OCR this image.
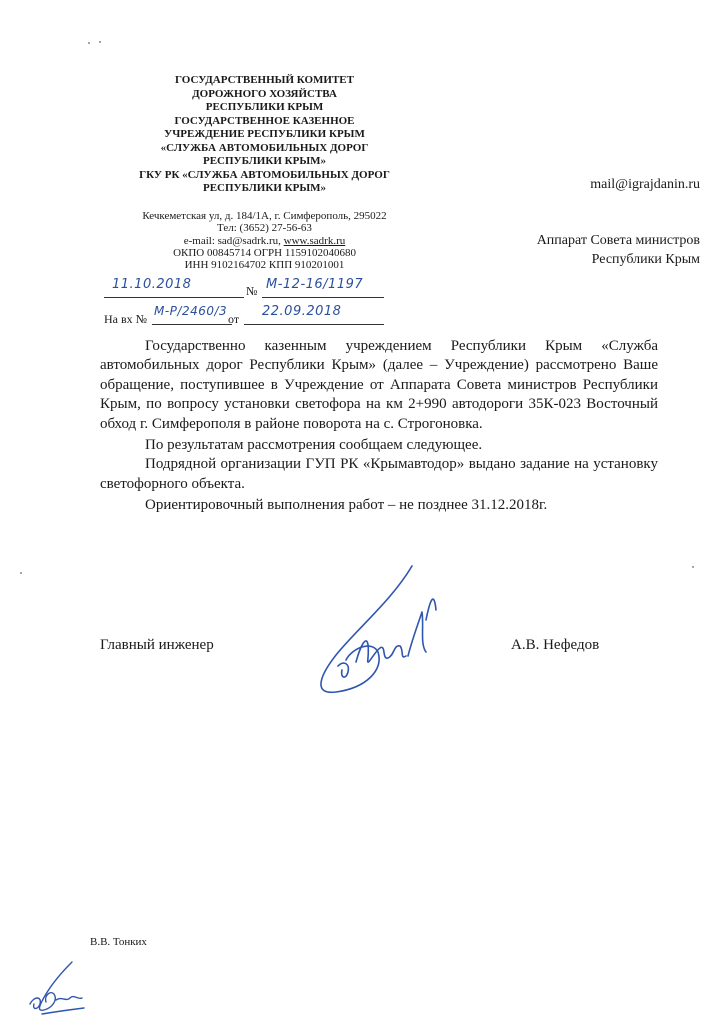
ГОСУДАРСТВЕННЫЙ КОМИТЕТ
ДОРОЖНОГО ХОЗЯЙСТВА
РЕСПУБЛИКИ КРЫМ
ГОСУДАРСТВЕННОЕ КАЗЕННОЕ
УЧРЕЖДЕНИЕ РЕСПУБЛИКИ КРЫМ
«СЛУЖБА АВТОМОБИЛЬНЫХ ДОРОГ
РЕСПУБЛИКИ КРЫМ»
ГКУ РК «СЛУЖБА АВТОМОБИЛЬНЫХ ДОРОГ
РЕСПУБЛИКИ КРЫМ»
Кечкеметская ул, д. 184/1А, г. Симферополь, 295022
Тел: (3652) 27-56-63
e-mail: sad@sadrk.ru, www.sadrk.ru
ОКПО 00845714 ОГРН 1159102040680
ИНН 9102164702 КПП 910201001
11.10.2018	№ М-12-16/1197
На вх №
М-Р/2460/3
от 22.09.2018
mail@igrajdanin.ru
Аппарат Совета министров
Республики Крым

Государственно казенным учреждением Республики Крым «Служба автомобильных дорог Республики Крым» (далее – Учреждение) рассмотрено Ваше обращение, поступившее в Учреждение от Аппарата Совета министров Республики Крым, по вопросу установки светофора на км 2+990 автодороги 35К-023 Восточный обход г. Симферополя в районе поворота на с. Строгоновка.

По результатам рассмотрения сообщаем следующее.

Подрядной организации ГУП РК «Крымавтодор» выдано задание на установку светофорного объекта.

Ориентировочный выполнения работ – не позднее 31.12.2018г.

Главный инженер	А.В. Нефедов
В.В. Тонких
